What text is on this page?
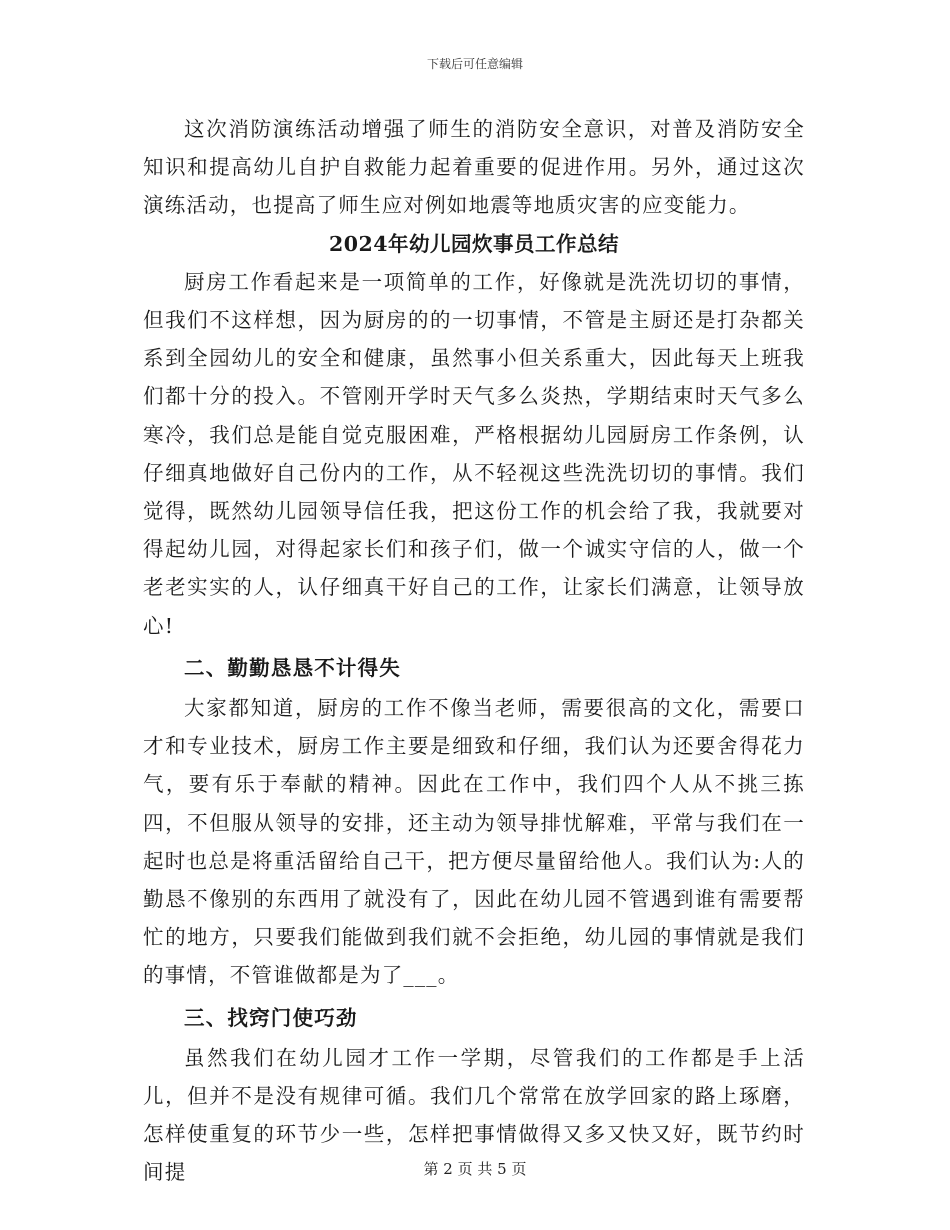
下载后可任意编辑

这次消防演练活动增强了师生的消防安全意识，对普及消防安全知识和提高幼儿自护自救能力起着重要的促进作用。另外，通过这次演练活动，也提高了师生应对例如地震等地质灾害的应变能力。

2024年幼儿园炊事员工作总结

厨房工作看起来是一项简单的工作，好像就是洗洗切切的事情，但我们不这样想，因为厨房的的一切事情，不管是主厨还是打杂都关系到全园幼儿的安全和健康，虽然事小但关系重大，因此每天上班我们都十分的投入。不管刚开学时天气多么炎热，学期结束时天气多么寒冷，我们总是能自觉克服困难，严格根据幼儿园厨房工作条例，认仔细真地做好自己份内的工作，从不轻视这些洗洗切切的事情。我们觉得，既然幼儿园领导信任我，把这份工作的机会给了我，我就要对得起幼儿园，对得起家长们和孩子们，做一个诚实守信的人，做一个老老实实的人，认仔细真干好自己的工作，让家长们满意，让领导放心!

二、勤勤恳恳不计得失

大家都知道，厨房的工作不像当老师，需要很高的文化，需要口才和专业技术，厨房工作主要是细致和仔细，我们认为还要舍得花力气，要有乐于奉献的精神。因此在工作中，我们四个人从不挑三拣四，不但服从领导的安排，还主动为领导排忧解难，平常与我们在一起时也总是将重活留给自己干，把方便尽量留给他人。我们认为:人的勤恳不像别的东西用了就没有了，因此在幼儿园不管遇到谁有需要帮忙的地方，只要我们能做到我们就不会拒绝，幼儿园的事情就是我们的事情，不管谁做都是为了___。

三、找窍门使巧劲

虽然我们在幼儿园才工作一学期，尽管我们的工作都是手上活儿，但并不是没有规律可循。我们几个常常在放学回家的路上琢磨，怎样使重复的环节少一些，怎样把事情做得又多又快又好，既节约时间提	第 2 页 共 5 页
